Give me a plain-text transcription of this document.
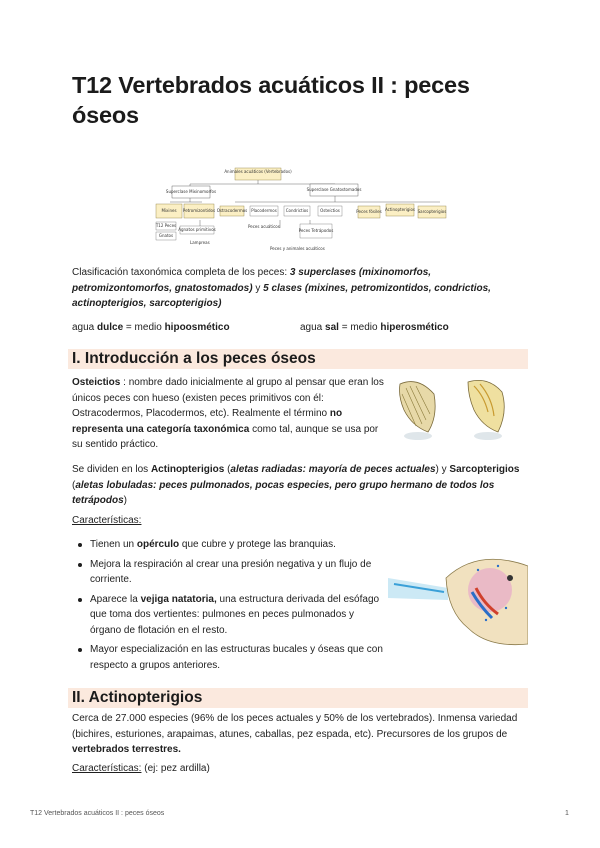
T12 Vertebrados acuáticos II : peces óseos
Animales acuáticos (Vertebrados)
Superclase Mixinomorfos	Superclase Gnatostomados
Mixines Petromizontidos
T12 Peces
Agnatos primitivos
Gnatos
Lampreas
Ostracodermos Placodermos Condrictios	Osteíctios	Peces fósiles Actinopterigios Sarcopterigios
Peces acuáticos
Peces Tetrápodos
Peces y animales acuáticos

Clasificación taxonómica completa de los peces: 3 superclases (mixinomorfos, petromizontomorfos, gnatostomados) y 5 clases (mixines, petromizontidos, condrictios, actinopterigios, sarcopterigios)

agua dulce = medio hipoosmético	agua sal = medio hiperosmético

I. Introducción a los peces óseos

Osteictios : nombre dado inicialmente al grupo al pensar que eran los únicos peces con hueso (existen peces primitivos con él: Ostracodermos, Placodermos, etc). Realmente el término no representa una categoría taxonómica como tal, aunque se usa por su sentido práctico.

Se dividen en los Actinopterigios (aletas radiadas: mayoría de peces actuales) y Sarcopterigios (aletas lobuladas: peces pulmonados, pocas especies, pero grupo hermano de todos los tetrápodos)

Características:

Tienen un opérculo que cubre y protege las branquias.
Mejora la respiración al crear una presión negativa y un flujo de corriente.
Aparece la vejiga natatoria, una estructura derivada del esófago que toma dos vertientes: pulmones en peces pulmonados y órgano de flotación en el resto.
Mayor especialización en las estructuras bucales y óseas que con respecto a grupos anteriores.
II. Actinopterigios

Cerca de 27.000 especies (96% de los peces actuales y 50% de los vertebrados). Inmensa variedad (bichires, esturiones, arapaimas, atunes, caballas, pez espada, etc). Precursores de los grupos de vertebrados terrestres.

Características: (ej: pez ardilla)

T12 Vertebrados acuáticos II : peces óseos	1
